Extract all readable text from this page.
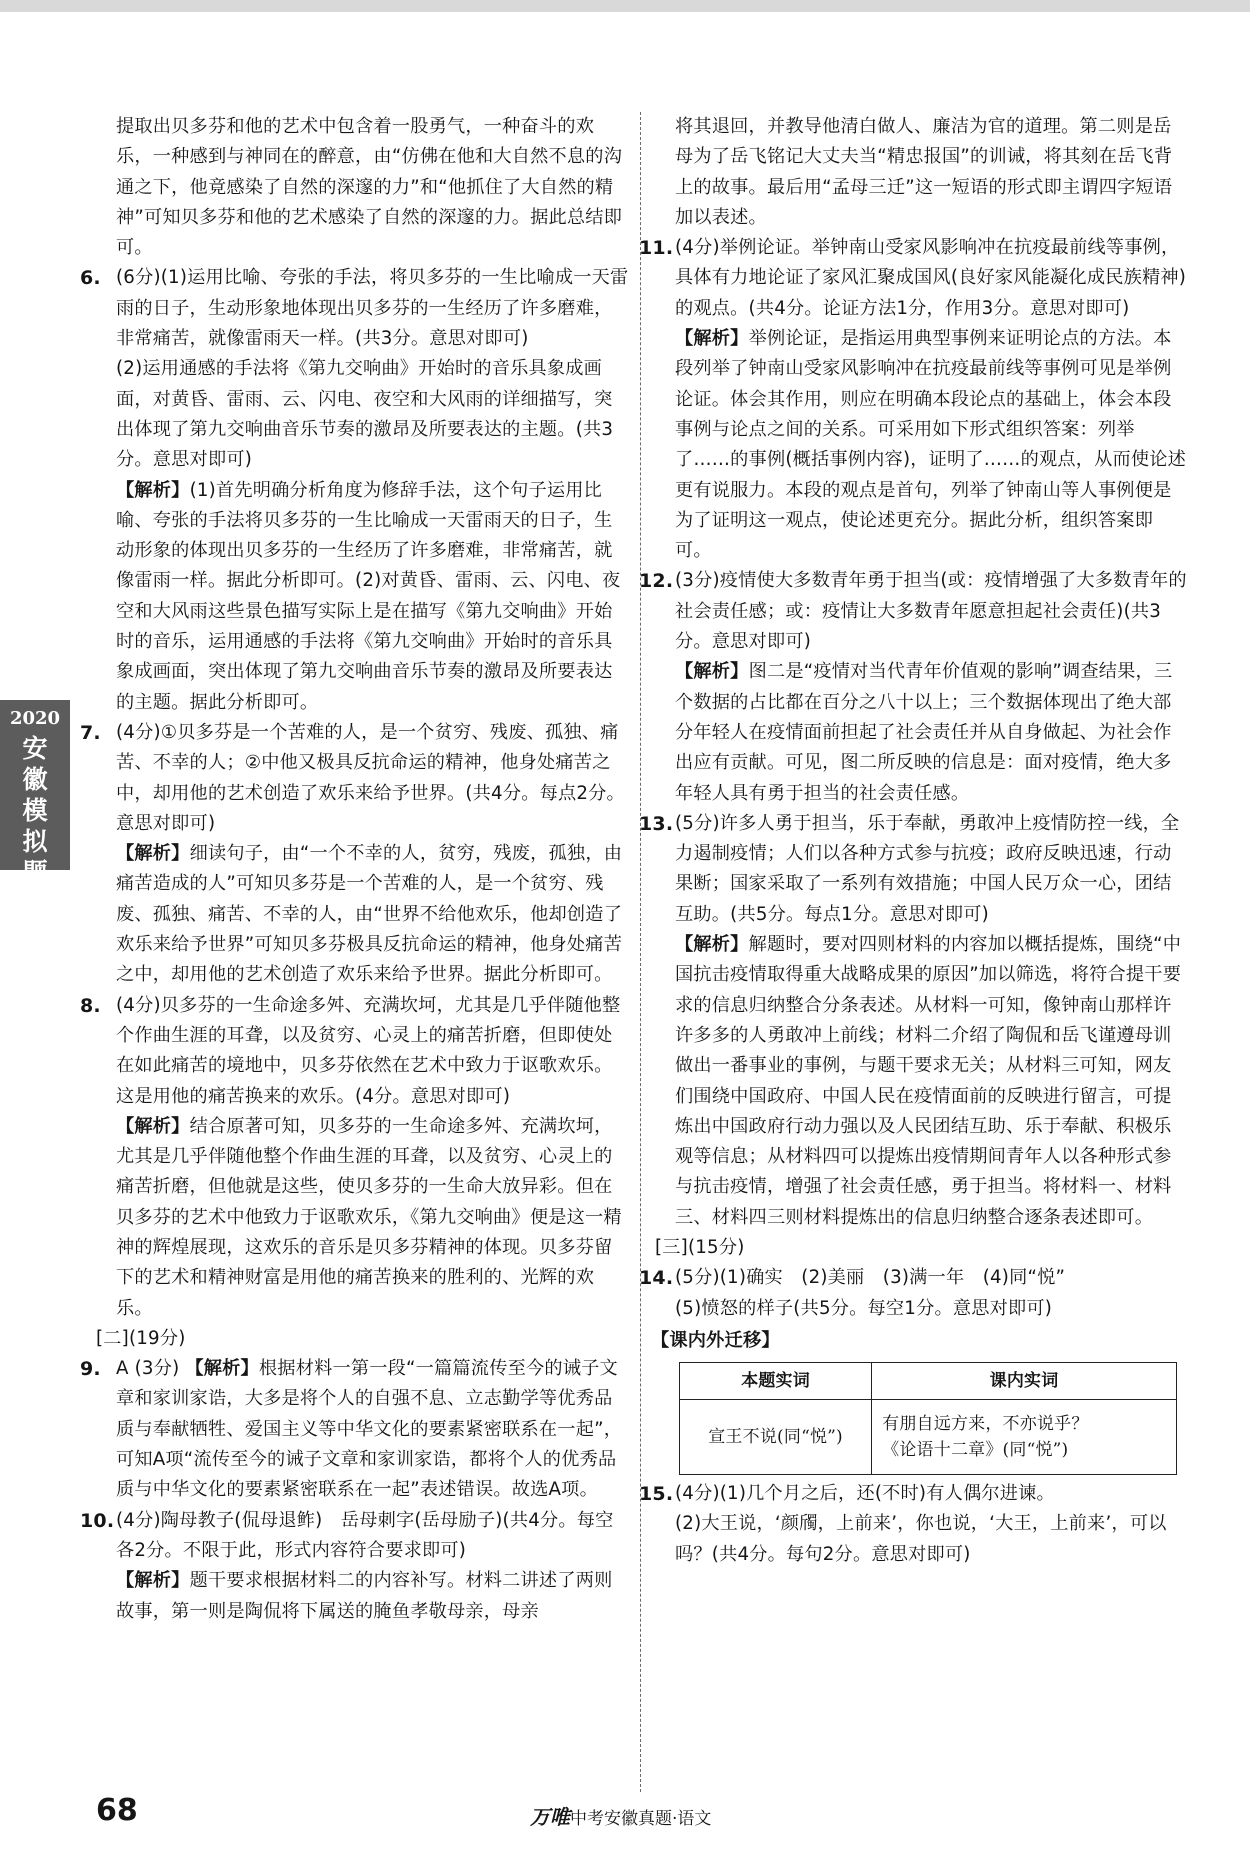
提取出贝多芬和他的艺术中包含着一股勇气，一种奋斗的欢乐，一种感到与神同在的醉意，由“仿佛在他和大自然不息的沟通之下，他竟感染了自然的深邃的力”和“他抓住了大自然的精神”可知贝多芬和他的艺术感染了自然的深邃的力。据此总结即可。
6. (6分)(1)运用比喻、夸张的手法，将贝多芬的一生比喻成一天雷雨的日子，生动形象地体现出贝多芬的一生经历了许多磨难，非常痛苦，就像雷雨天一样。(共3分。意思对即可)
(2)运用通感的手法将《第九交响曲》开始时的音乐具象成画面，对黄昏、雷雨、云、闪电、夜空和大风雨的详细描写，突出体现了第九交响曲音乐节奏的激昂及所要表达的主题。(共3分。意思对即可)
【解析】(1)首先明确分析角度为修辞手法，这个句子运用比喻、夸张的手法将贝多芬的一生比喻成一天雷雨天的日子，生动形象的体现出贝多芬的一生经历了许多磨难，非常痛苦，就像雷雨一样。据此分析即可。(2)对黄昏、雷雨、云、闪电、夜空和大风雨这些景色描写实际上是在描写《第九交响曲》开始时的音乐，运用通感的手法将《第九交响曲》开始时的音乐具象成画面，突出体现了第九交响曲音乐节奏的激昂及所要表达的主题。据此分析即可。
7. (4分)①贝多芬是一个苦难的人，是一个贫穷、残废、孤独、痛苦、不幸的人；②中他又极具反抗命运的精神，他身处痛苦之中，却用他的艺术创造了欢乐来给予世界。(共4分。每点2分。意思对即可)
【解析】细读句子，由“一个不幸的人，贫穷，残废，孤独，由痛苦造成的人”可知贝多芬是一个苦难的人，是一个贫穷、残废、孤独、痛苦、不幸的人，由“世界不给他欢乐，他却创造了欢乐来给予世界”可知贝多芬极具反抗命运的精神，他身处痛苦之中，却用他的艺术创造了欢乐来给予世界。据此分析即可。
8. (4分)贝多芬的一生命途多舛、充满坎坷，尤其是几乎伴随他整个作曲生涯的耳聋，以及贫穷、心灵上的痛苦折磨，但即使处在如此痛苦的境地中，贝多芬依然在艺术中致力于讴歌欢乐。这是用他的痛苦换来的欢乐。(4分。意思对即可)
【解析】结合原著可知，贝多芬的一生命途多舛、充满坎坷，尤其是几乎伴随他整个作曲生涯的耳聋，以及贫穷、心灵上的痛苦折磨，但他就是这些，使贝多芬的一生命大放异彩。但在贝多芬的艺术中他致力于讴歌欢乐，《第九交响曲》便是这一精神的辉煌展现，这欢乐的音乐是贝多芬精神的体现。贝多芬留下的艺术和精神财富是用他的痛苦换来的胜利的、光辉的欢乐。
[二](19分)
9. A (3分) 【解析】根据材料一第一段“一篇篇流传至今的诫子文章和家训家诰，大多是将个人的自强不息、立志勤学等优秀品质与奉献牺牲、爱国主义等中华文化的要素紧密联系在一起”，可知A项“流传至今的诫子文章和家训家诰，都将个人的优秀品质与中华文化的要素紧密联系在一起”表述错误。故选A项。
10. (4分)陶母教子(侃母退鲊)　岳母刺字(岳母励子)(共4分。每空各2分。不限于此，形式内容符合要求即可)
【解析】题干要求根据材料二的内容补写。材料二讲述了两则故事，第一则是陶侃将下属送的腌鱼孝敬母亲，母亲
将其退回，并教导他清白做人、廉洁为官的道理。第二则是岳母为了岳飞铭记大丈夫当“精忠报国”的训诫，将其刻在岳飞背上的故事。最后用“孟母三迁”这一短语的形式即主谓四字短语加以表述。
11. (4分)举例论证。举钟南山受家风影响冲在抗疫最前线等事例，具体有力地论证了家风汇聚成国风(良好家风能凝化成民族精神)的观点。(共4分。论证方法1分，作用3分。意思对即可)
【解析】举例论证，是指运用典型事例来证明论点的方法。本段列举了钟南山受家风影响冲在抗疫最前线等事例可见是举例论证。体会其作用，则应在明确本段论点的基础上，体会本段事例与论点之间的关系。可采用如下形式组织答案：列举了……的事例(概括事例内容)，证明了……的观点，从而使论述更有说服力。本段的观点是首句，列举了钟南山等人事例便是为了证明这一观点，使论述更充分。据此分析，组织答案即可。
12. (3分)疫情使大多数青年勇于担当(或：疫情增强了大多数青年的社会责任感；或：疫情让大多数青年愿意担起社会责任)(共3分。意思对即可)
【解析】图二是“疫情对当代青年价值观的影响”调查结果，三个数据的占比都在百分之八十以上；三个数据体现出了绝大部分年轻人在疫情面前担起了社会责任并从自身做起、为社会作出应有贡献。可见，图二所反映的信息是：面对疫情，绝大多年轻人具有勇于担当的社会责任感。
13. (5分)许多人勇于担当，乐于奉献，勇敢冲上疫情防控一线，全力遏制疫情；人们以各种方式参与抗疫；政府反映迅速，行动果断；国家采取了一系列有效措施；中国人民万众一心，团结互助。(共5分。每点1分。意思对即可)
【解析】解题时，要对四则材料的内容加以概括提炼，围绕“中国抗击疫情取得重大战略成果的原因”加以筛选，将符合提干要求的信息归纳整合分条表述。从材料一可知，像钟南山那样许许多多的人勇敢冲上前线；材料二介绍了陶侃和岳飞谨遵母训做出一番事业的事例，与题干要求无关；从材料三可知，网友们围绕中国政府、中国人民在疫情面前的反映进行留言，可提炼出中国政府行动力强以及人民团结互助、乐于奉献、积极乐观等信息；从材料四可以提炼出疫情期间青年人以各种形式参与抗击疫情，增强了社会责任感，勇于担当。将材料一、材料三、材料四三则材料提炼出的信息归纳整合逐条表述即可。
[三](15分)
14. (5分)(1)确实　(2)美丽　(3)满一年　(4)同“悦”
(5)愤怒的样子(共5分。每空1分。意思对即可)
【课内外迁移】
本题实词	课内实词
宣王不说(同“悦”)	有朋自远方来，不亦说乎？
《论语十二章》(同“悦”)
15. (4分)(1)几个月之后，还(不时)有人偶尔进谏。
(2)大王说，‘颜斶，上前来’，你也说，‘大王，上前来’，可以吗？(共4分。每句2分。意思对即可)
2020
安
徽
模
拟
题
68	万唯中考安徽真题·语文
